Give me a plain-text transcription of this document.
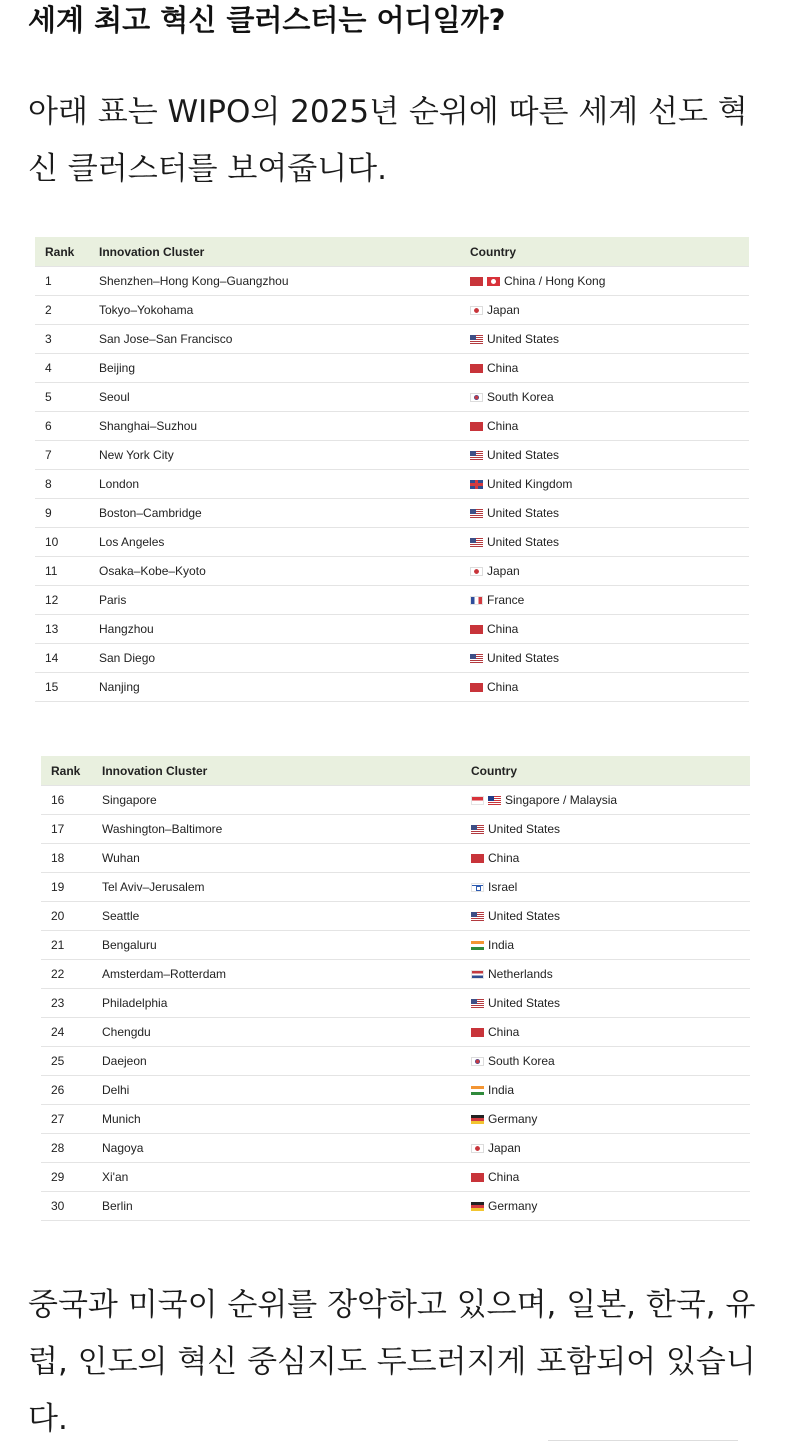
세계 최고 혁신 클러스터는 어디일까?

아래 표는 WIPO의 2025년 순위에 따른 세계 선도 혁신 클러스터를 보여줍니다.

Rank	Innovation Cluster	Country
1	Shenzhen–Hong Kong–Guangzhou	China / Hong Kong
2	Tokyo–Yokohama	Japan
3	San Jose–San Francisco	United States
4	Beijing	China
5	Seoul	South Korea
6	Shanghai–Suzhou	China
7	New York City	United States
8	London	United Kingdom
9	Boston–Cambridge	United States
10	Los Angeles	United States
11	Osaka–Kobe–Kyoto	Japan
12	Paris	France
13	Hangzhou	China
14	San Diego	United States
15	Nanjing	China
Rank	Innovation Cluster	Country
16	Singapore	Singapore / Malaysia
17	Washington–Baltimore	United States
18	Wuhan	China
19	Tel Aviv–Jerusalem	Israel
20	Seattle	United States
21	Bengaluru	India
22	Amsterdam–Rotterdam	Netherlands
23	Philadelphia	United States
24	Chengdu	China
25	Daejeon	South Korea
26	Delhi	India
27	Munich	Germany
28	Nagoya	Japan
29	Xi'an	China
30	Berlin	Germany

중국과 미국이 순위를 장악하고 있으며, 일본, 한국, 유럽, 인도의 혁신 중심지도 두드러지게 포함되어 있습니다.
